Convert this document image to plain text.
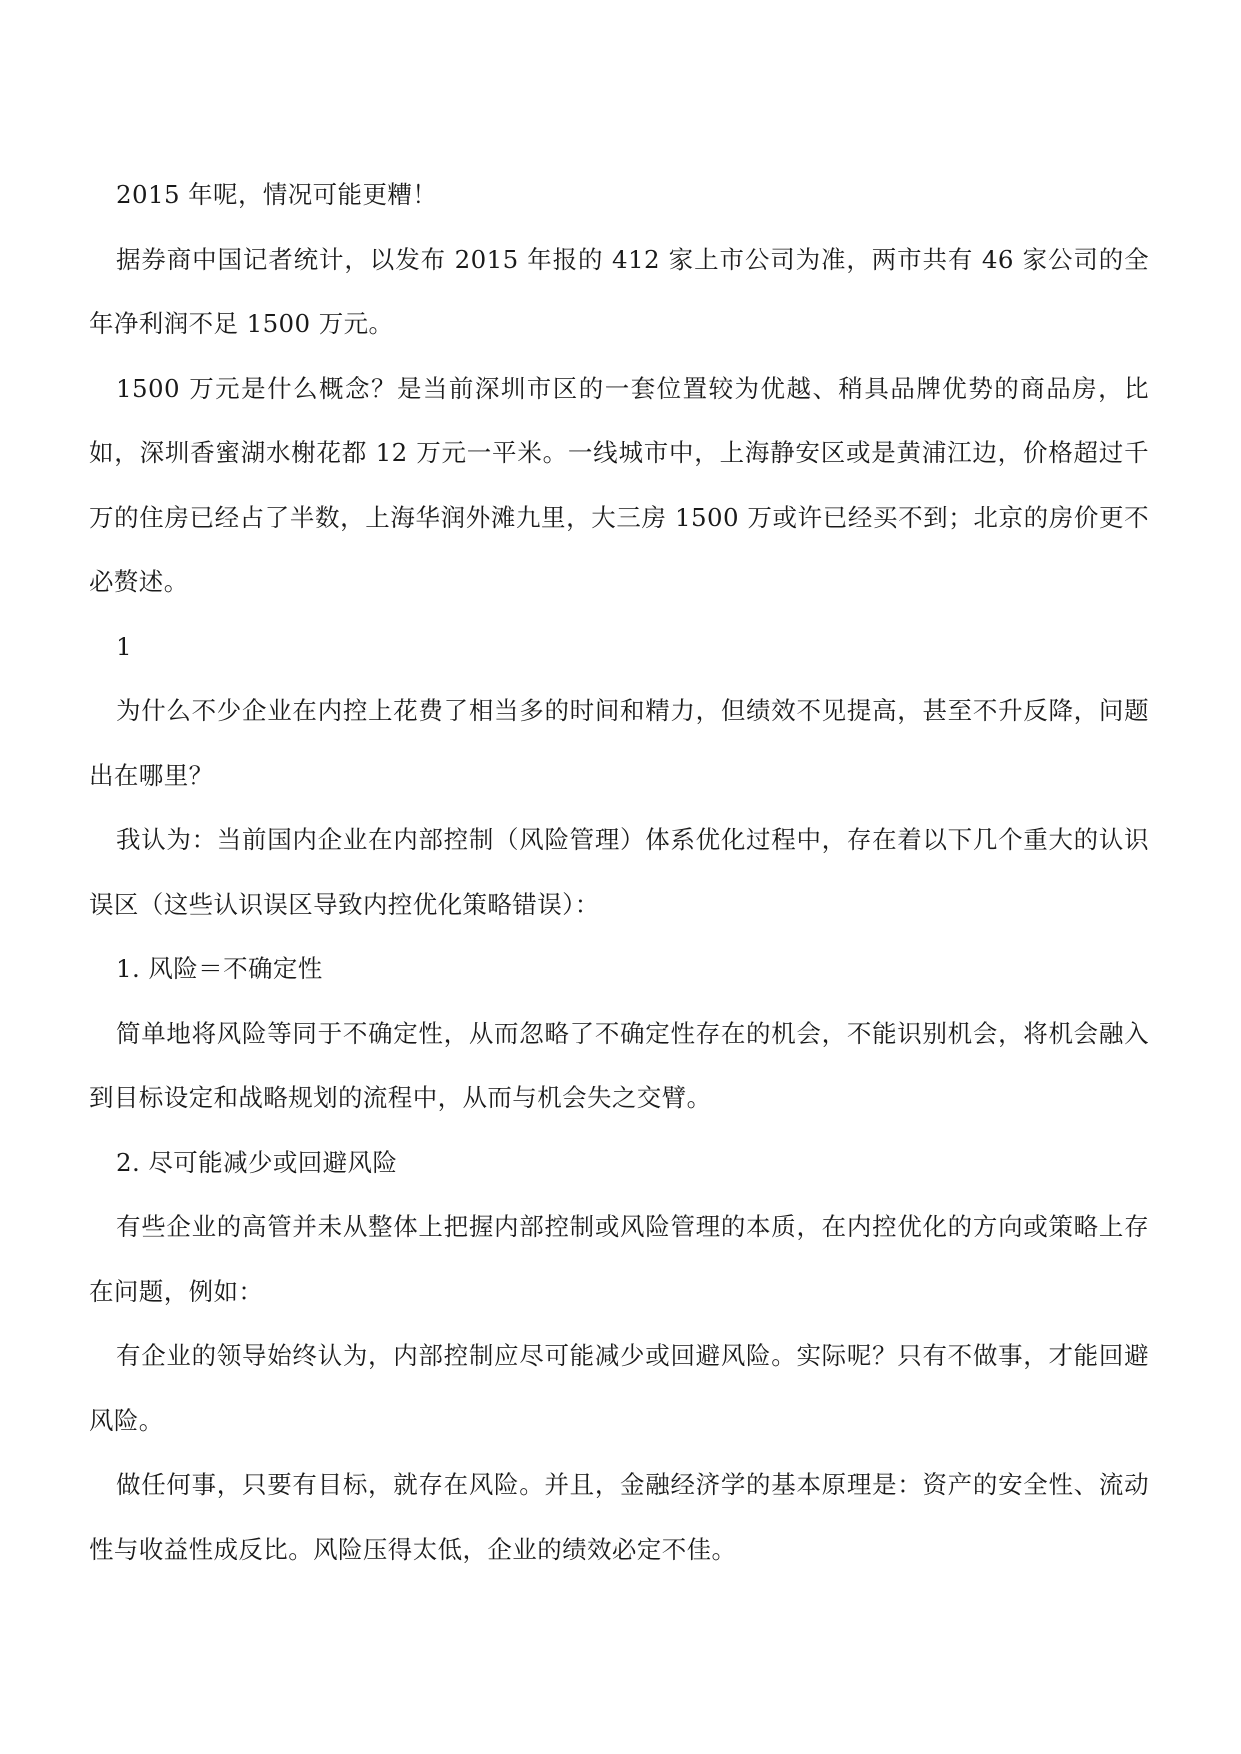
2015 年呢，情况可能更糟！

据券商中国记者统计，以发布 2015 年报的 412 家上市公司为准，两市共有 46 家公司的全年净利润不足 1500 万元。

1500 万元是什么概念？是当前深圳市区的一套位置较为优越、稍具品牌优势的商品房，比如，深圳香蜜湖水榭花都 12 万元一平米。一线城市中，上海静安区或是黄浦江边，价格超过千万的住房已经占了半数，上海华润外滩九里，大三房 1500 万或许已经买不到；北京的房价更不必赘述。

1

为什么不少企业在内控上花费了相当多的时间和精力，但绩效不见提高，甚至不升反降，问题出在哪里？

我认为：当前国内企业在内部控制（风险管理）体系优化过程中，存在着以下几个重大的认识误区（这些认识误区导致内控优化策略错误）：

1. 风险＝不确定性

简单地将风险等同于不确定性，从而忽略了不确定性存在的机会，不能识别机会，将机会融入到目标设定和战略规划的流程中，从而与机会失之交臂。

2. 尽可能减少或回避风险

有些企业的高管并未从整体上把握内部控制或风险管理的本质，在内控优化的方向或策略上存在问题，例如：

有企业的领导始终认为，内部控制应尽可能减少或回避风险。实际呢？只有不做事，才能回避风险。

做任何事，只要有目标，就存在风险。并且，金融经济学的基本原理是：资产的安全性、流动性与收益性成反比。风险压得太低，企业的绩效必定不佳。
